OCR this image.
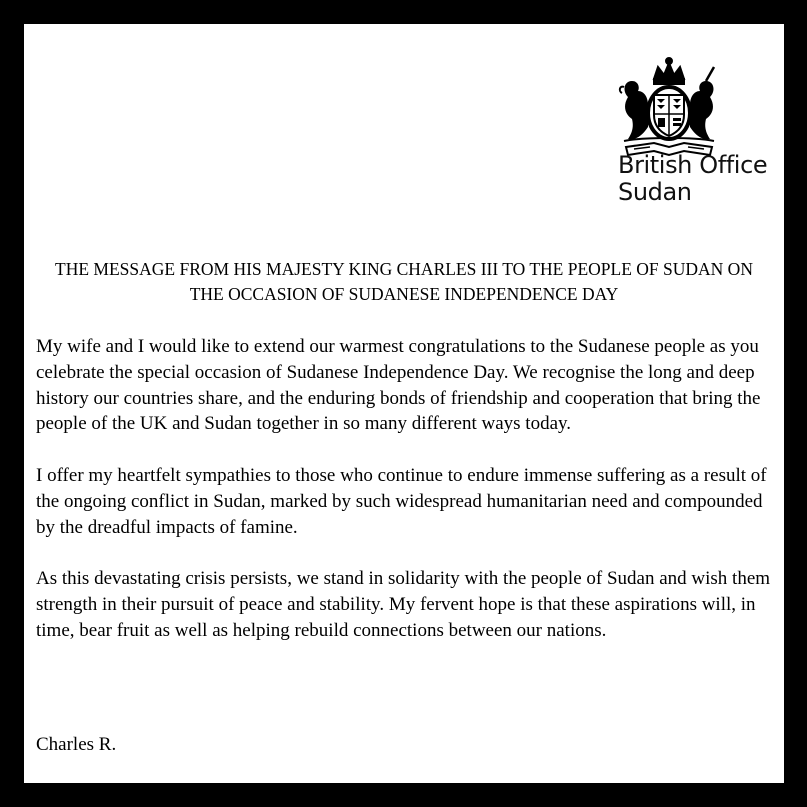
British Office
Sudan
THE MESSAGE FROM HIS MAJESTY KING CHARLES III TO THE PEOPLE OF SUDAN ON THE OCCASION OF SUDANESE INDEPENDENCE DAY

My wife and I would like to extend our warmest congratulations to the Sudanese people as you celebrate the special occasion of Sudanese Independence Day. We recognise the long and deep history our countries share, and the enduring bonds of friendship and cooperation that bring the people of the UK and Sudan together in so many different ways today.

I offer my heartfelt sympathies to those who continue to endure immense suffering as a result of the ongoing conflict in Sudan, marked by such widespread humanitarian need and compounded by the dreadful impacts of famine.

As this devastating crisis persists, we stand in solidarity with the people of Sudan and wish them strength in their pursuit of peace and stability. My fervent hope is that these aspirations will, in time, bear fruit as well as helping rebuild connections between our nations.

Charles R.
